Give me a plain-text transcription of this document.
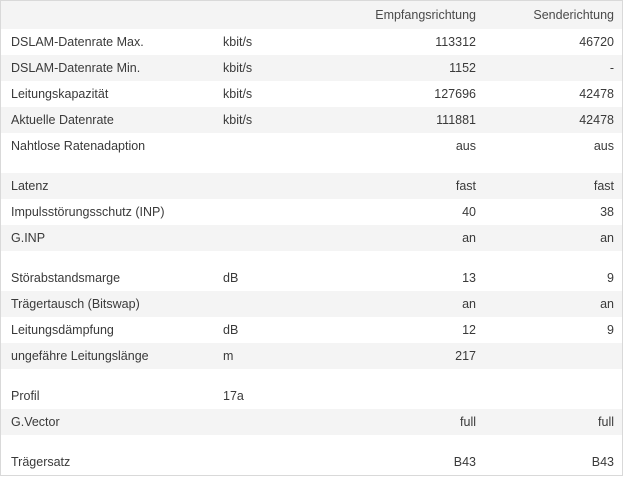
		Empfangsrichtung	Senderichtung
DSLAM-Datenrate Max.	kbit/s	113312	46720
DSLAM-Datenrate Min.	kbit/s	1152	-
Leitungskapazität	kbit/s	127696	42478
Aktuelle Datenrate	kbit/s	111881	42478
Nahtlose Ratenadaption		aus	aus

Latenz		fast	fast
Impulsstörungsschutz (INP)		40	38
G.INP		an	an

Störabstandsmarge	dB	13	9
Trägertausch (Bitswap)		an	an
Leitungsdämpfung	dB	12	9
ungefähre Leitungslänge	m	217	

Profil	17a		
G.Vector		full	full

Trägersatz		B43	B43
